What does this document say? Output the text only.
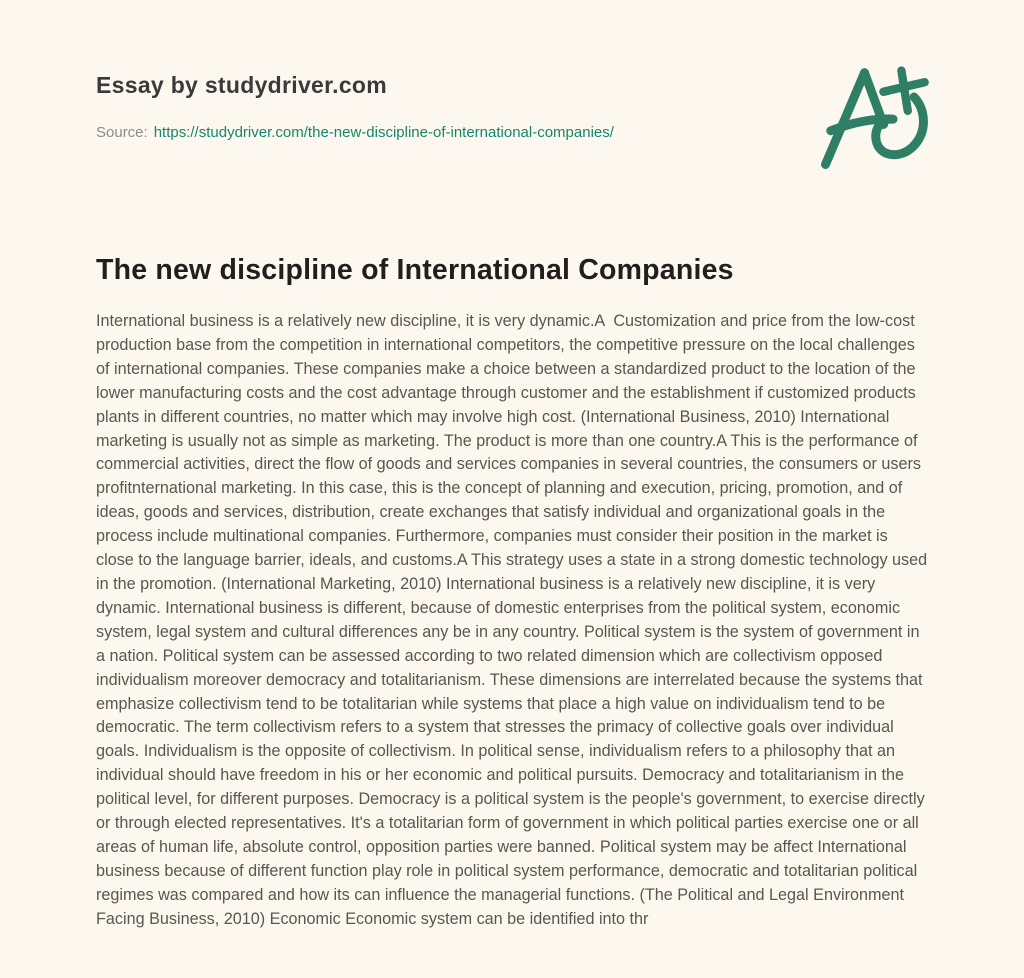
Essay by studydriver.com
Source: https://studydriver.com/the-new-discipline-of-international-companies/
The new discipline of International Companies

International business is a relatively new discipline, it is very dynamic.A  Customization and price from the low-cost production base from the competition in international competitors, the competitive pressure on the local challenges of international companies. These companies make a choice between a standardized product to the location of the lower manufacturing costs and the cost advantage through customer and the establishment if customized products plants in different countries, no matter which may involve high cost. (International Business, 2010) International marketing is usually not as simple as marketing. The product is more than one country.A This is the performance of commercial activities, direct the flow of goods and services companies in several countries, the consumers or users profitnternational marketing. In this case, this is the concept of planning and execution, pricing, promotion, and of ideas, goods and services, distribution, create exchanges that satisfy individual and organizational goals in the process include multinational companies. Furthermore, companies must consider their position in the market is close to the language barrier, ideals, and customs.A This strategy uses a state in a strong domestic technology used in the promotion. (International Marketing, 2010) International business is a relatively new discipline, it is very dynamic. International business is different, because of domestic enterprises from the political system, economic system, legal system and cultural differences any be in any country. Political system is the system of government in a nation. Political system can be assessed according to two related dimension which are collectivism opposed individualism moreover democracy and totalitarianism. These dimensions are interrelated because the systems that emphasize collectivism tend to be totalitarian while systems that place a high value on individualism tend to be democratic. The term collectivism refers to a system that stresses the primacy of collective goals over individual goals. Individualism is the opposite of collectivism. In political sense, individualism refers to a philosophy that an individual should have freedom in his or her economic and political pursuits. Democracy and totalitarianism in the political level, for different purposes. Democracy is a political system is the people's government, to exercise directly or through elected representatives. It's a totalitarian form of government in which political parties exercise one or all areas of human life, absolute control, opposition parties were banned. Political system may be affect International business because of different function play role in political system performance, democratic and totalitarian political regimes was compared and how its can influence the managerial functions. (The Political and Legal Environment Facing Business, 2010) Economic Economic system can be identified into thr
